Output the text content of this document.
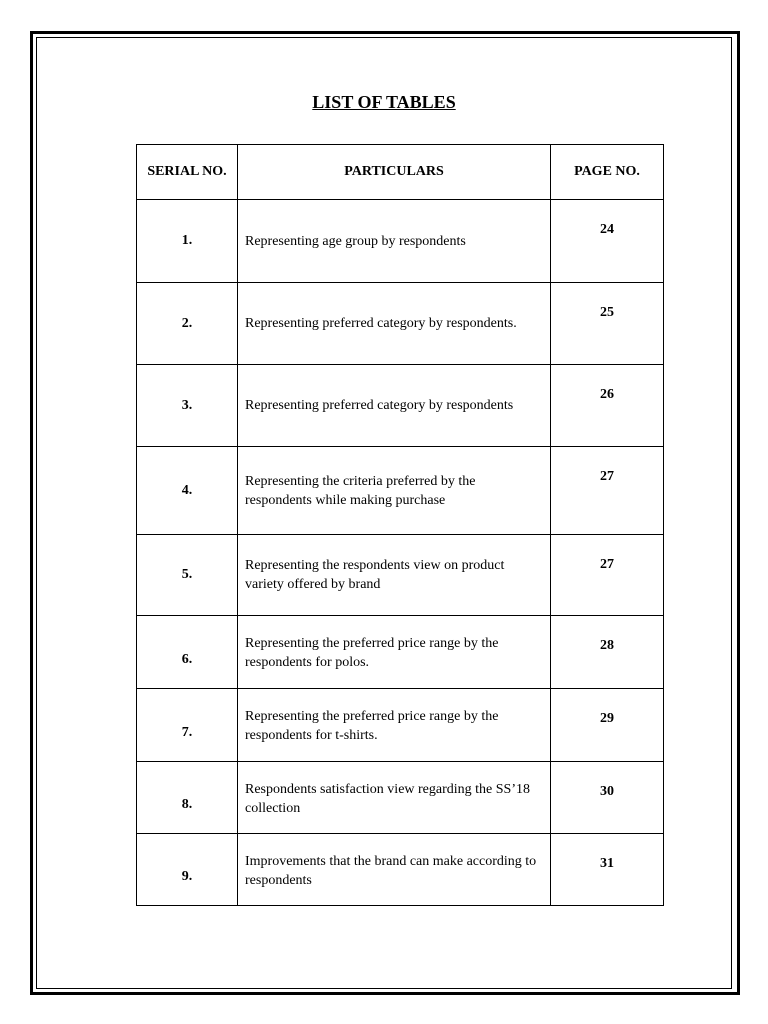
LIST OF TABLES
SERIAL NO.	PARTICULARS	PAGE NO.
1.	Representing age group by respondents	24
2.	Representing preferred category by respondents.	25
3.	Representing preferred category by respondents	26
4.	Representing the criteria preferred by the respondents while making purchase	27
5.	Representing the respondents view on product variety offered by brand	27
6.	Representing the preferred price range by the respondents for polos.	28
7.	Representing the preferred price range by the respondents for t-shirts.	29
8.	Respondents satisfaction view regarding the SS’18 collection	30
9.	Improvements that the brand can make according to respondents	31
